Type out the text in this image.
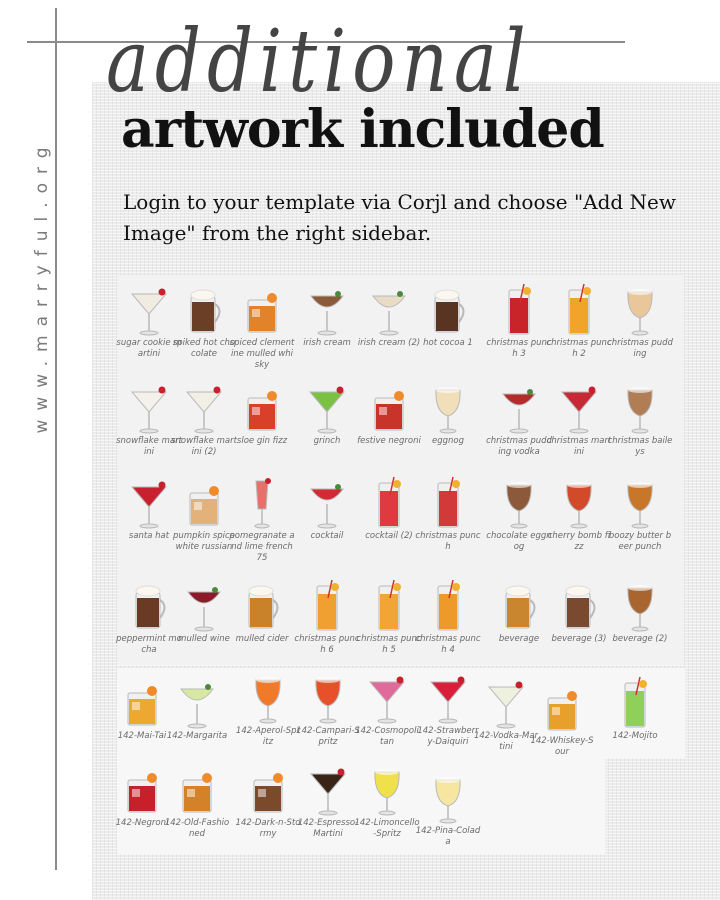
www.marryful.org
additional
artwork included
Login to your template via Corjl and choose "Add New Image" from the right sidebar.
sugar cookie martini
spiked hot chocolate
spiced clementine mulled whisky
irish cream irish cream (2) hot cocoa 1	christmas punch 3
christmas punch 2
christmas pudding
snowflake martini
snowflake martini (2)
sloe gin fizz	grinch	festive negroni	eggnog	christmas pudding vodka
christmas martini
christmas baileys
santa hat pumpkin spice white russian
pomegranate and lime french 75
cocktail	cocktail (2) christmas punch
chocolate eggnog
cherry bomb fizz
boozy butter beer punch
peppermint mocha
mulled wine mulled cider christmas punch 6
christmas punch 5
christmas punch 4
beverage	beverage (3) beverage (2)
142-Mai-Tai 142-Margarita	142-Aperol-Spritz
142-Campari-Spritz
142-Cosmopolitan
142-Strawberry-Daiquiri
142-Vodka-Martini
142-Whiskey-Sour
142-Mojito
142-Negroni
142-Old-Fashioned
142-Dark-n-Stormy
142-Espresso-Martini
142-Limoncello-Spritz	142-Pina-Colada
